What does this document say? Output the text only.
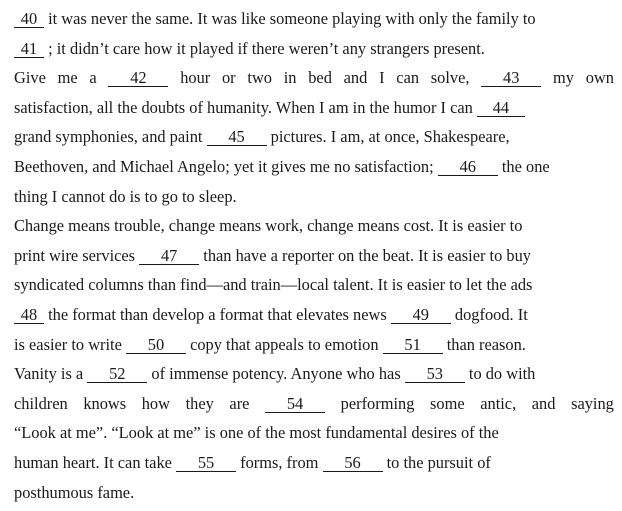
40 it was never the same. It was like someone playing with only the family to
41 ; it didn’t care how it played if there weren’t any strangers present.
Give me a	42	hour or two in bed and I can solve,	43	my own
satisfaction, all the doubts of humanity. When I am in the humor I can 44
grand symphonies, and paint	45	pictures. I am, at once, Shakespeare,
Beethoven, and Michael Angelo; yet it gives me no satisfaction;	46	the one
thing I cannot do is to go to sleep.
Change means trouble, change means work, change means cost. It is easier to
print wire services	47	than have a reporter on the beat. It is easier to buy
syndicated columns than find—and train—local talent. It is easier to let the ads
48 the format than develop a format that elevates news	49	dogfood. It
is easier to write	50	copy that appeals to emotion	51	than reason.
Vanity is a	52	of immense potency. Anyone who has	53	to do with
children knows how they are	54	performing some antic, and saying
“Look at me”. “Look at me” is one of the most fundamental desires of the
human heart. It can take	55	forms, from	56	to the pursuit of
posthumous fame.
